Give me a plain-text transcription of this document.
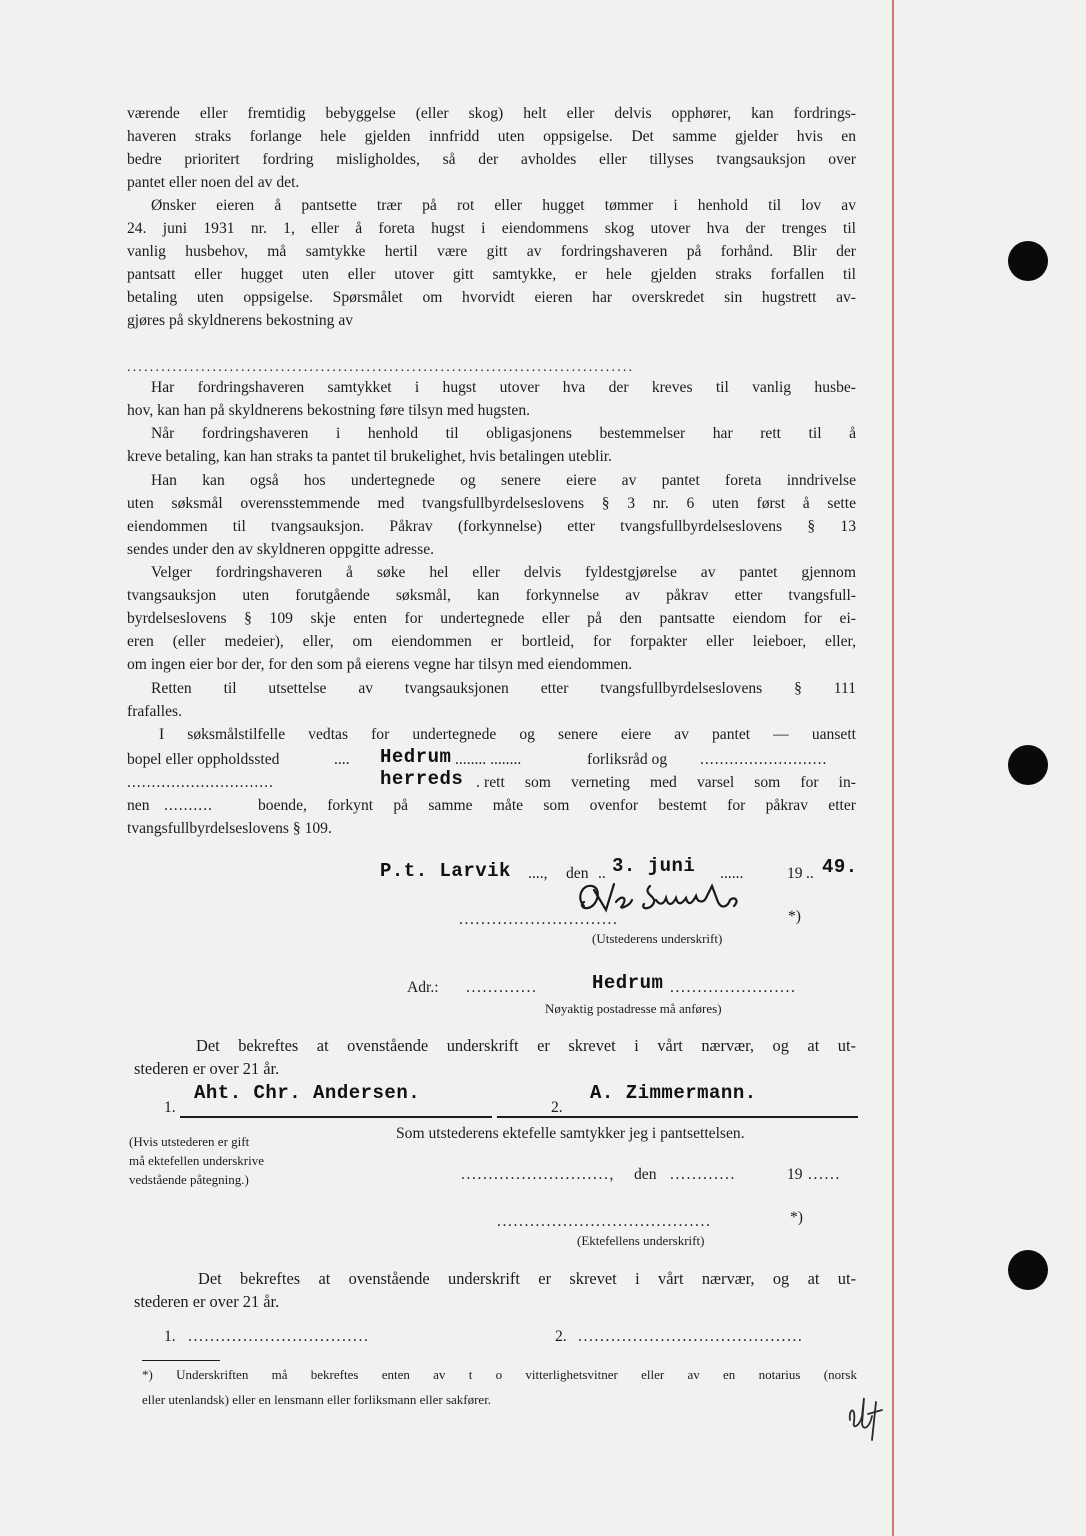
værende eller fremtidig bebyggelse (eller skog) helt eller delvis opphører, kan fordrings-
haveren straks forlange hele gjelden innfridd uten oppsigelse. Det samme gjelder hvis en
bedre prioritert fordring misligholdes, så der avholdes eller tillyses tvangsauksjon over
pantet eller noen del av det.
Ønsker eieren å pantsette trær på rot eller hugget tømmer i henhold til lov av
24. juni 1931 nr. 1, eller å foreta hugst i eiendommens skog utover hva der trenges til
vanlig husbehov, må samtykke hertil være gitt av fordringshaveren på forhånd. Blir der
pantsatt eller hugget uten eller utover gitt samtykke, er hele gjelden straks forfallen til
betaling uten oppsigelse. Spørsmålet om hvorvidt eieren har overskredet sin hugstrett av-
gjøres på skyldnerens bekostning av
.........................................................................................
Har fordringshaveren samtykket i hugst utover hva der kreves til vanlig husbe-
hov, kan han på skyldnerens bekostning føre tilsyn med hugsten.
Når fordringshaveren i henhold til obligasjonens bestemmelser har rett til å
kreve betaling, kan han straks ta pantet til brukelighet, hvis betalingen uteblir.
Han kan også hos undertegnede og senere eiere av pantet foreta inndrivelse
uten søksmål overensstemmende med tvangsfullbyrdelseslovens § 3 nr. 6 uten først å sette
eiendommen til tvangsauksjon. Påkrav (forkynnelse) etter tvangsfullbyrdelseslovens § 13
sendes under den av skyldneren oppgitte adresse.
Velger fordringshaveren å søke hel eller delvis fyldestgjørelse av pantet gjennom
tvangsauksjon uten forutgående søksmål, kan forkynnelse av påkrav etter tvangsfull-
byrdelseslovens § 109 skje enten for undertegnede eller på den pantsatte eiendom for ei-
eren (eller medeier), eller, om eiendommen er bortleid, for forpakter eller leieboer, eller,
om ingen eier bor der, for den som på eierens vegne har tilsyn med eiendommen.
Retten til utsettelse av tvangsauksjonen etter tvangsfullbyrdelseslovens § 111
frafalles.
I søksmålstilfelle vedtas for undertegnede og senere eiere av pantet — uansett
bopel eller oppholdssted	.... Hedrum ........ ........	forliksråd og ..........................
..............................	herreds . rett som verneting med varsel som for in-
nen ..........	boende, forkynt på samme måte som ovenfor bestemt for påkrav etter
tvangsfullbyrdelseslovens § 109.
P.t. Larvik ...., den .. 3. juni ......	19 .. 49.
.............................	*)
(Utstederens underskrift)
Adr.: .............	Hedrum .......................
Nøyaktig postadresse må anføres)
Det bekreftes at ovenstående underskrift er skrevet i vårt nærvær, og at ut-
stederen er over 21 år.
1.
Aht. Chr. Andersen.
2.
A. Zimmermann.
(Hvis utstederen er gift
må ektefellen underskrive
vedstående påtegning.)
Som utstederens ektefelle samtykker jeg i pantsettelsen.
..........................., den ............	19 ......
.......................................	*)
(Ektefellens underskrift)
Det bekreftes at ovenstående underskrift er skrevet i vårt nærvær, og at ut-
stederen er over 21 år.
1. .................................	2. .........................................
*) Underskriften må bekreftes enten av t o vitterlighetsvitner eller av en notarius (norsk
eller utenlandsk) eller en lensmann eller forliksmann eller sakfører.
